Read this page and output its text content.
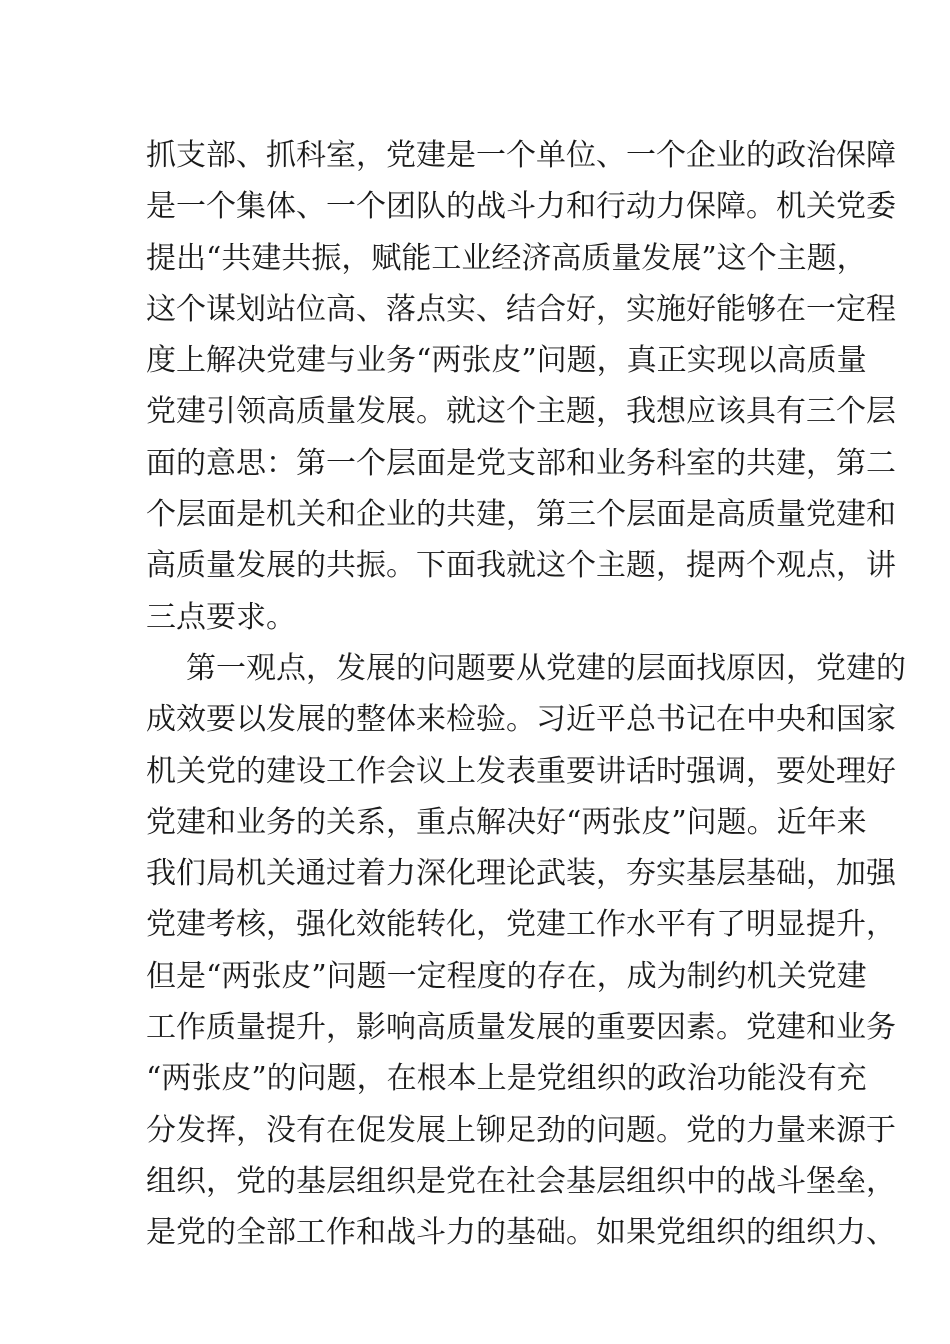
抓支部、抓科室，党建是一个单位、一个企业的政治保障
是一个集体、一个团队的战斗力和行动力保障。机关党委
提出“共建共振，赋能工业经济高质量发展”这个主题，
这个谋划站位高、落点实、结合好，实施好能够在一定程
度上解决党建与业务“两张皮”问题，真正实现以高质量
党建引领高质量发展。就这个主题，我想应该具有三个层
面的意思：第一个层面是党支部和业务科室的共建，第二
个层面是机关和企业的共建，第三个层面是高质量党建和
高质量发展的共振。下面我就这个主题，提两个观点，讲
三点要求。
第一观点，发展的问题要从党建的层面找原因，党建的
成效要以发展的整体来检验。习近平总书记在中央和国家
机关党的建设工作会议上发表重要讲话时强调，要处理好
党建和业务的关系，重点解决好“两张皮”问题。近年来
我们局机关通过着力深化理论武装，夯实基层基础，加强
党建考核，强化效能转化，党建工作水平有了明显提升，
但是“两张皮”问题一定程度的存在，成为制约机关党建
工作质量提升，影响高质量发展的重要因素。党建和业务
“两张皮”的问题，在根本上是党组织的政治功能没有充
分发挥，没有在促发展上铆足劲的问题。党的力量来源于
组织，党的基层组织是党在社会基层组织中的战斗堡垒，
是党的全部工作和战斗力的基础。如果党组织的组织力、
